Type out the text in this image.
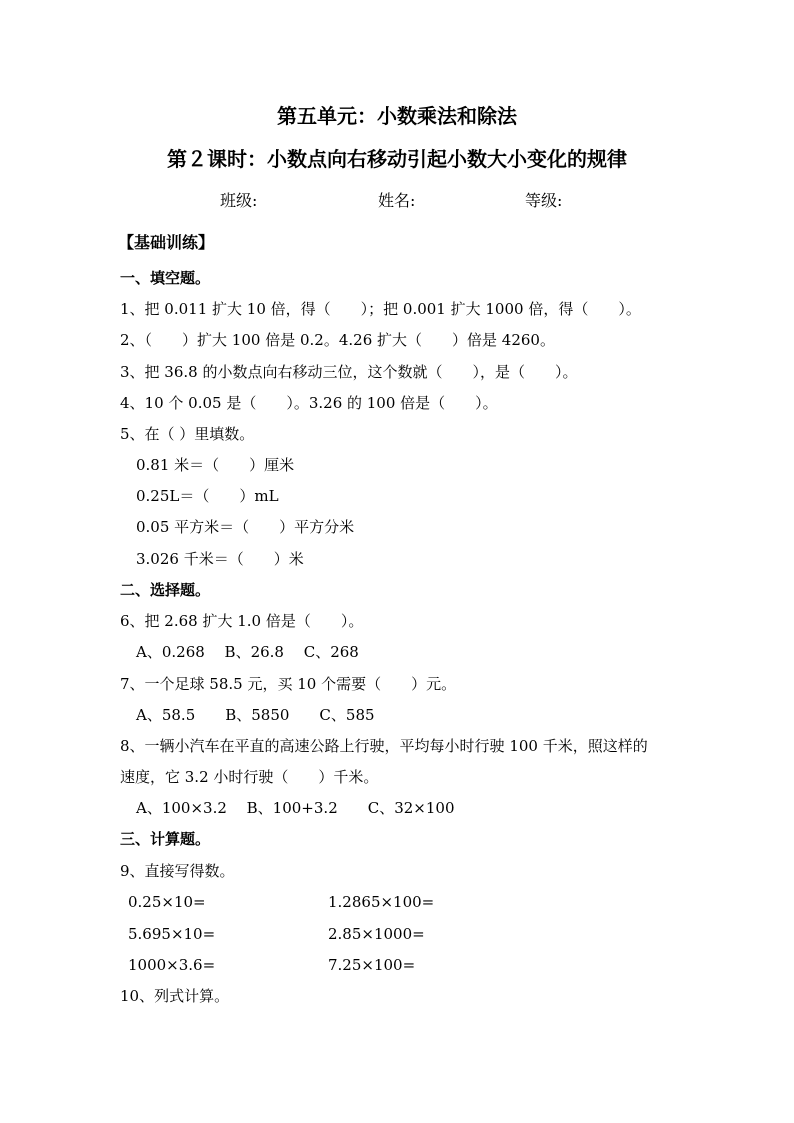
第五单元：小数乘法和除法
第２课时：小数点向右移动引起小数大小变化的规律
班级:	姓名:	等级:
【基础训练】
一、填空题。
1、把 0.011 扩大 10 倍，得（　　）；把 0.001 扩大 1000 倍，得（　　）。
2、（　　）扩大 100 倍是 0.2。4.26 扩大（　　）倍是 4260。
3、把 36.8 的小数点向右移动三位，这个数就（　　），是（　　）。
4、10 个 0.05 是（　　）。3.26 的 100 倍是（　　）。
5、在（ ）里填数。
0.81 米＝（　　）厘米
0.25L＝（　　）mL
0.05 平方米＝（　　）平方分米
3.026 千米＝（　　）米
二、选择题。
6、把 2.68 扩大 1.0 倍是（　　）。
A、0.268　 B、26.8　 C、268
7、一个足球 58.5 元，买 10 个需要（　　）元。
A、58.5　　B、5850　　C、585
8、一辆小汽车在平直的高速公路上行驶，平均每小时行驶 100 千米，照这样的
速度，它 3.2 小时行驶（　　）千米。
A、100×3.2　 B、100+3.2　　C、32×100
三、计算题。
9、直接写得数。
0.25×10=	1.2865×100=
5.695×10=	2.85×1000=
1000×3.6=	7.25×100=
10、列式计算。
